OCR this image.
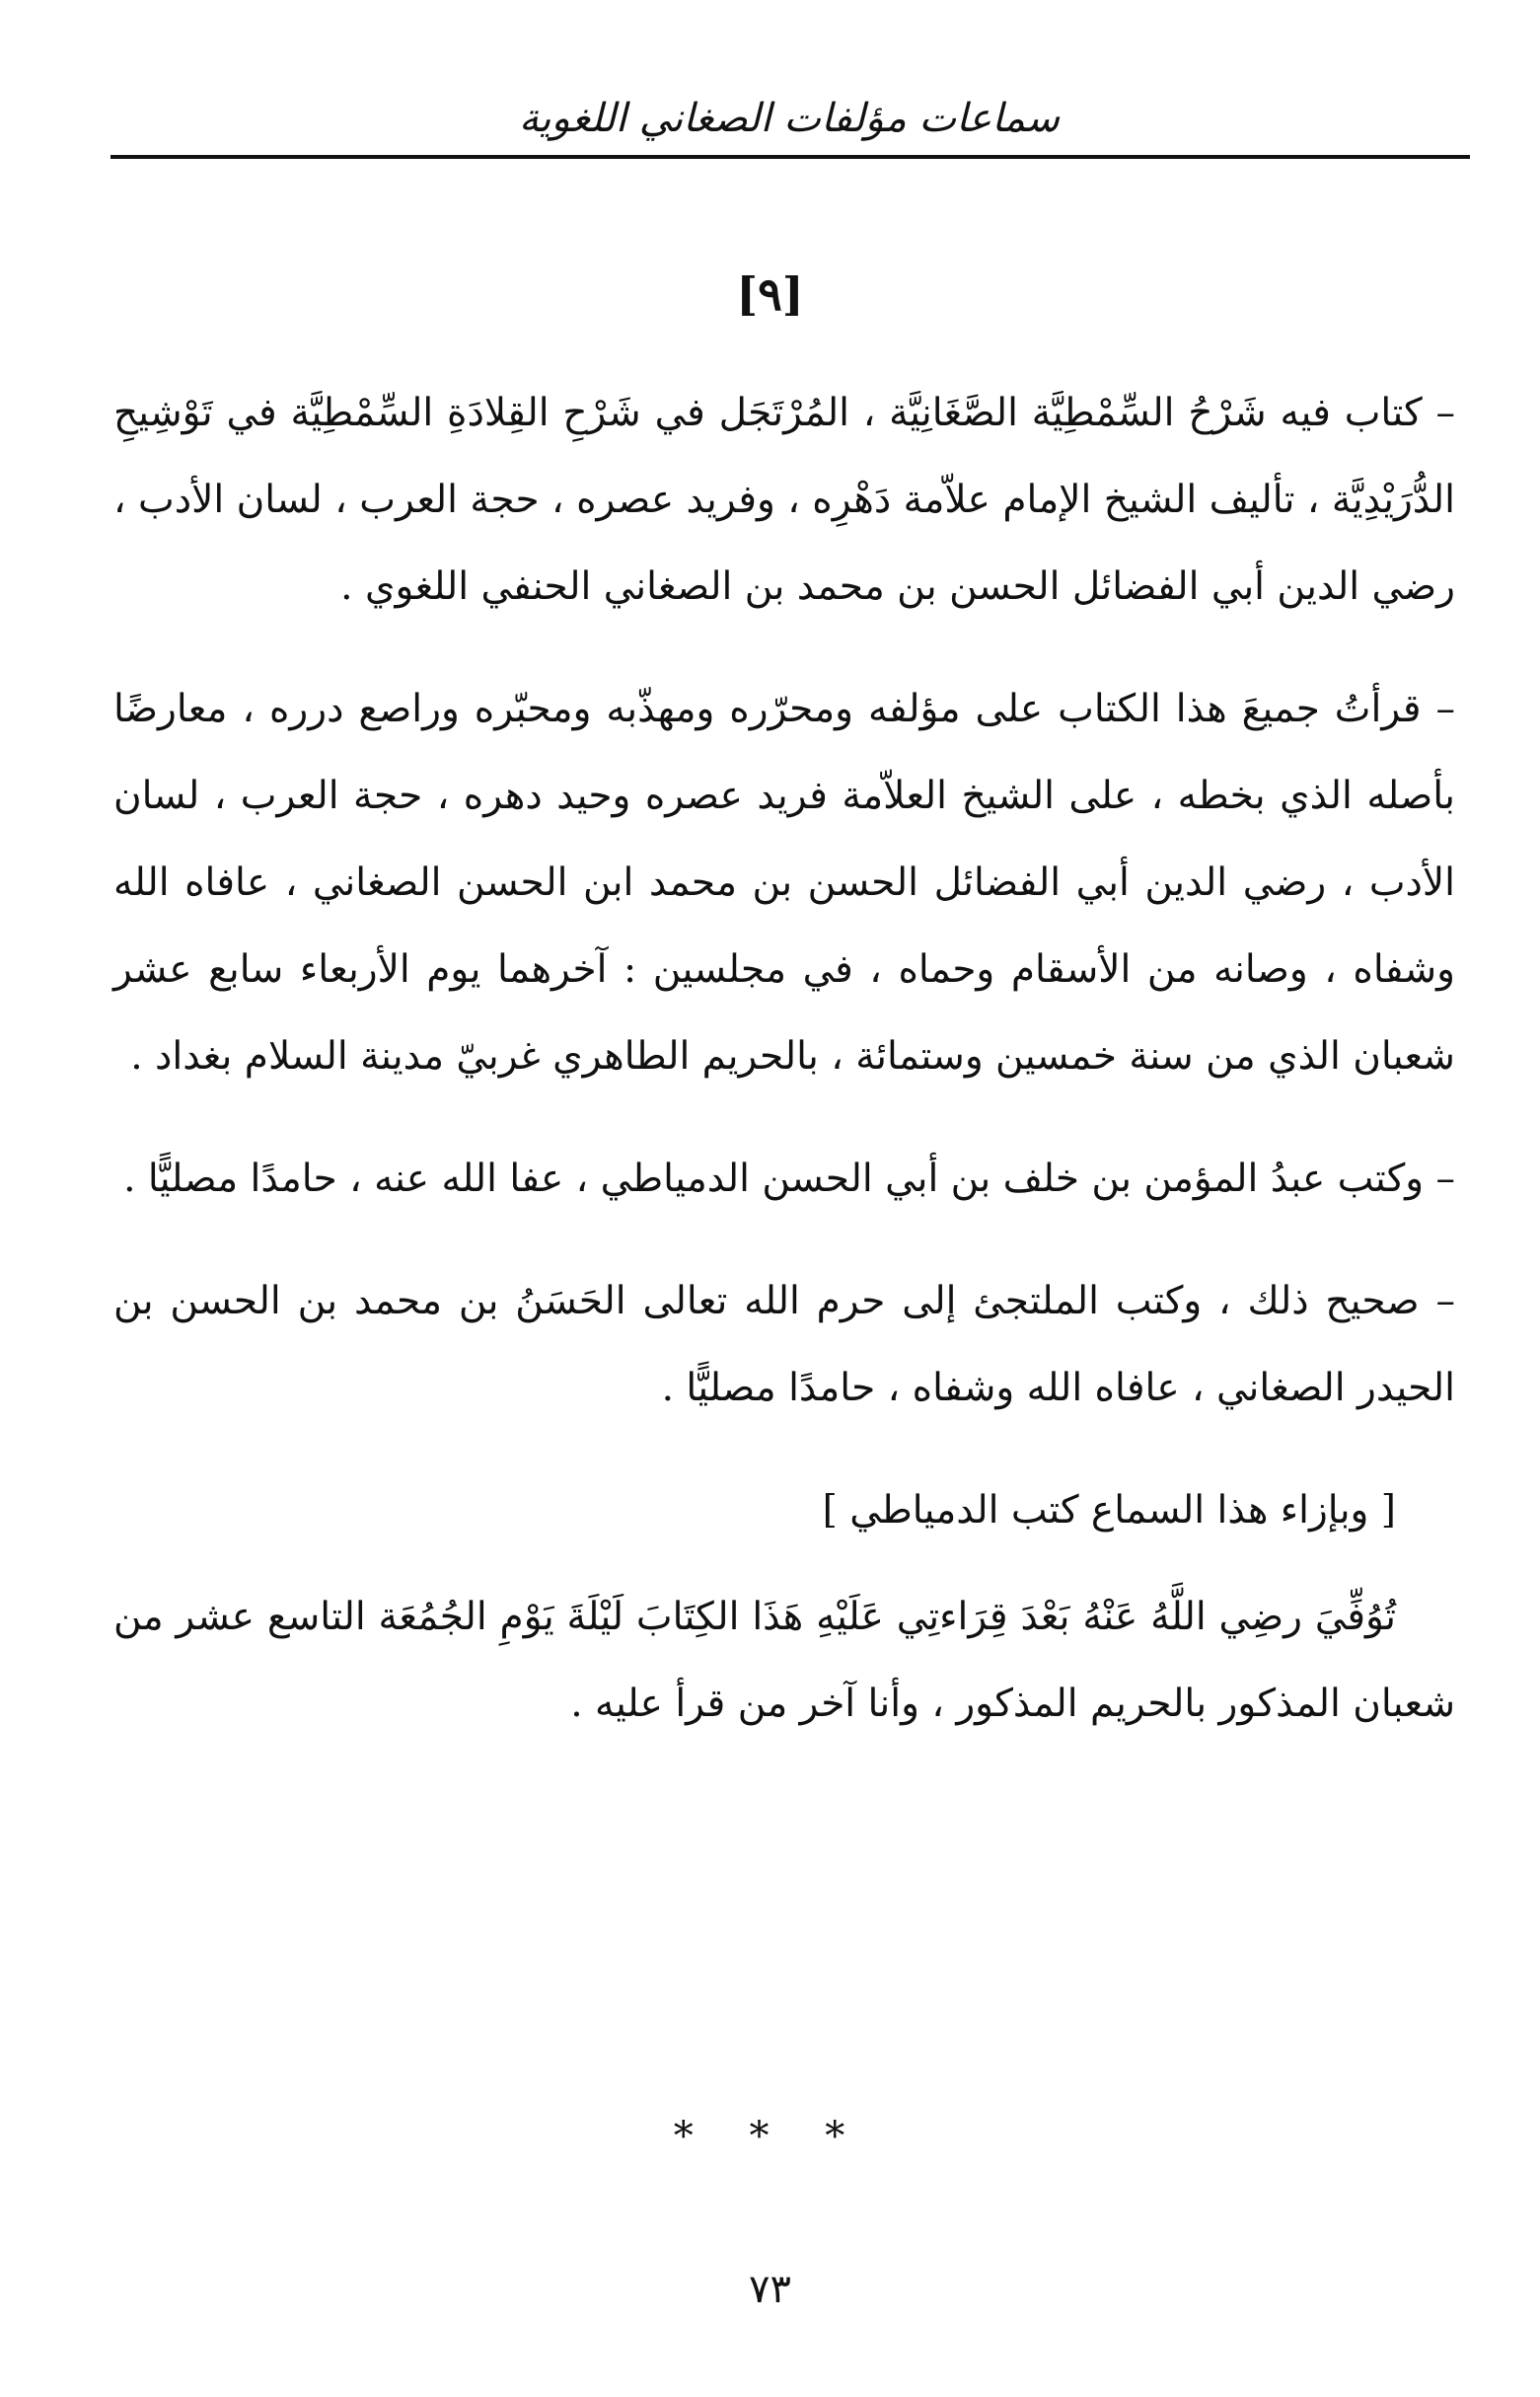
سماعات مؤلفات الصغاني اللغوية
[٩]

– كتاب فيه شَرْحُ السِّمْطِيَّة الصَّغَانِيَّة ، المُرْتَجَل في شَرْحِ القِلادَةِ السِّمْطِيَّة في تَوْشِيحِ الدُّرَيْدِيَّة ، تأليف الشيخ الإمام علاّمة دَهْرِه ، وفريد عصره ، حجة العرب ، لسان الأدب ، رضي الدين أبي الفضائل الحسن بن محمد بن الصغاني الحنفي اللغوي .

– قرأتُ جميعَ هذا الكتاب على مؤلفه ومحرّره ومهذّبه ومحبّره وراصع درره ، معارضًا بأصله الذي بخطه ، على الشيخ العلاّمة فريد عصره وحيد دهره ، حجة العرب ، لسان الأدب ، رضي الدين أبي الفضائل الحسن بن محمد ابن الحسن الصغاني ، عافاه الله وشفاه ، وصانه من الأسقام وحماه ، في مجلسين : آخرهما يوم الأربعاء سابع عشر شعبان الذي من سنة خمسين وستمائة ، بالحريم الطاهري غربيّ مدينة السلام بغداد .

– وكتب عبدُ المؤمن بن خلف بن أبي الحسن الدمياطي ، عفا الله عنه ، حامدًا مصليًّا .

– صحيح ذلك ، وكتب الملتجئ إلى حرم الله تعالى الحَسَنُ بن محمد بن الحسن بن الحيدر الصغاني ، عافاه الله وشفاه ، حامدًا مصليًّا .

[ وبإزاء هذا السماع كتب الدمياطي ]

تُوُفِّيَ رضِي اللَّهُ عَنْهُ بَعْدَ قِرَاءتِي عَلَيْهِ هَذَا الكِتَابَ لَيْلَةَ يَوْمِ الجُمُعَة التاسع عشر من شعبان المذكور بالحريم المذكور ، وأنا آخر من قرأ عليه .

* * *
٧٣
